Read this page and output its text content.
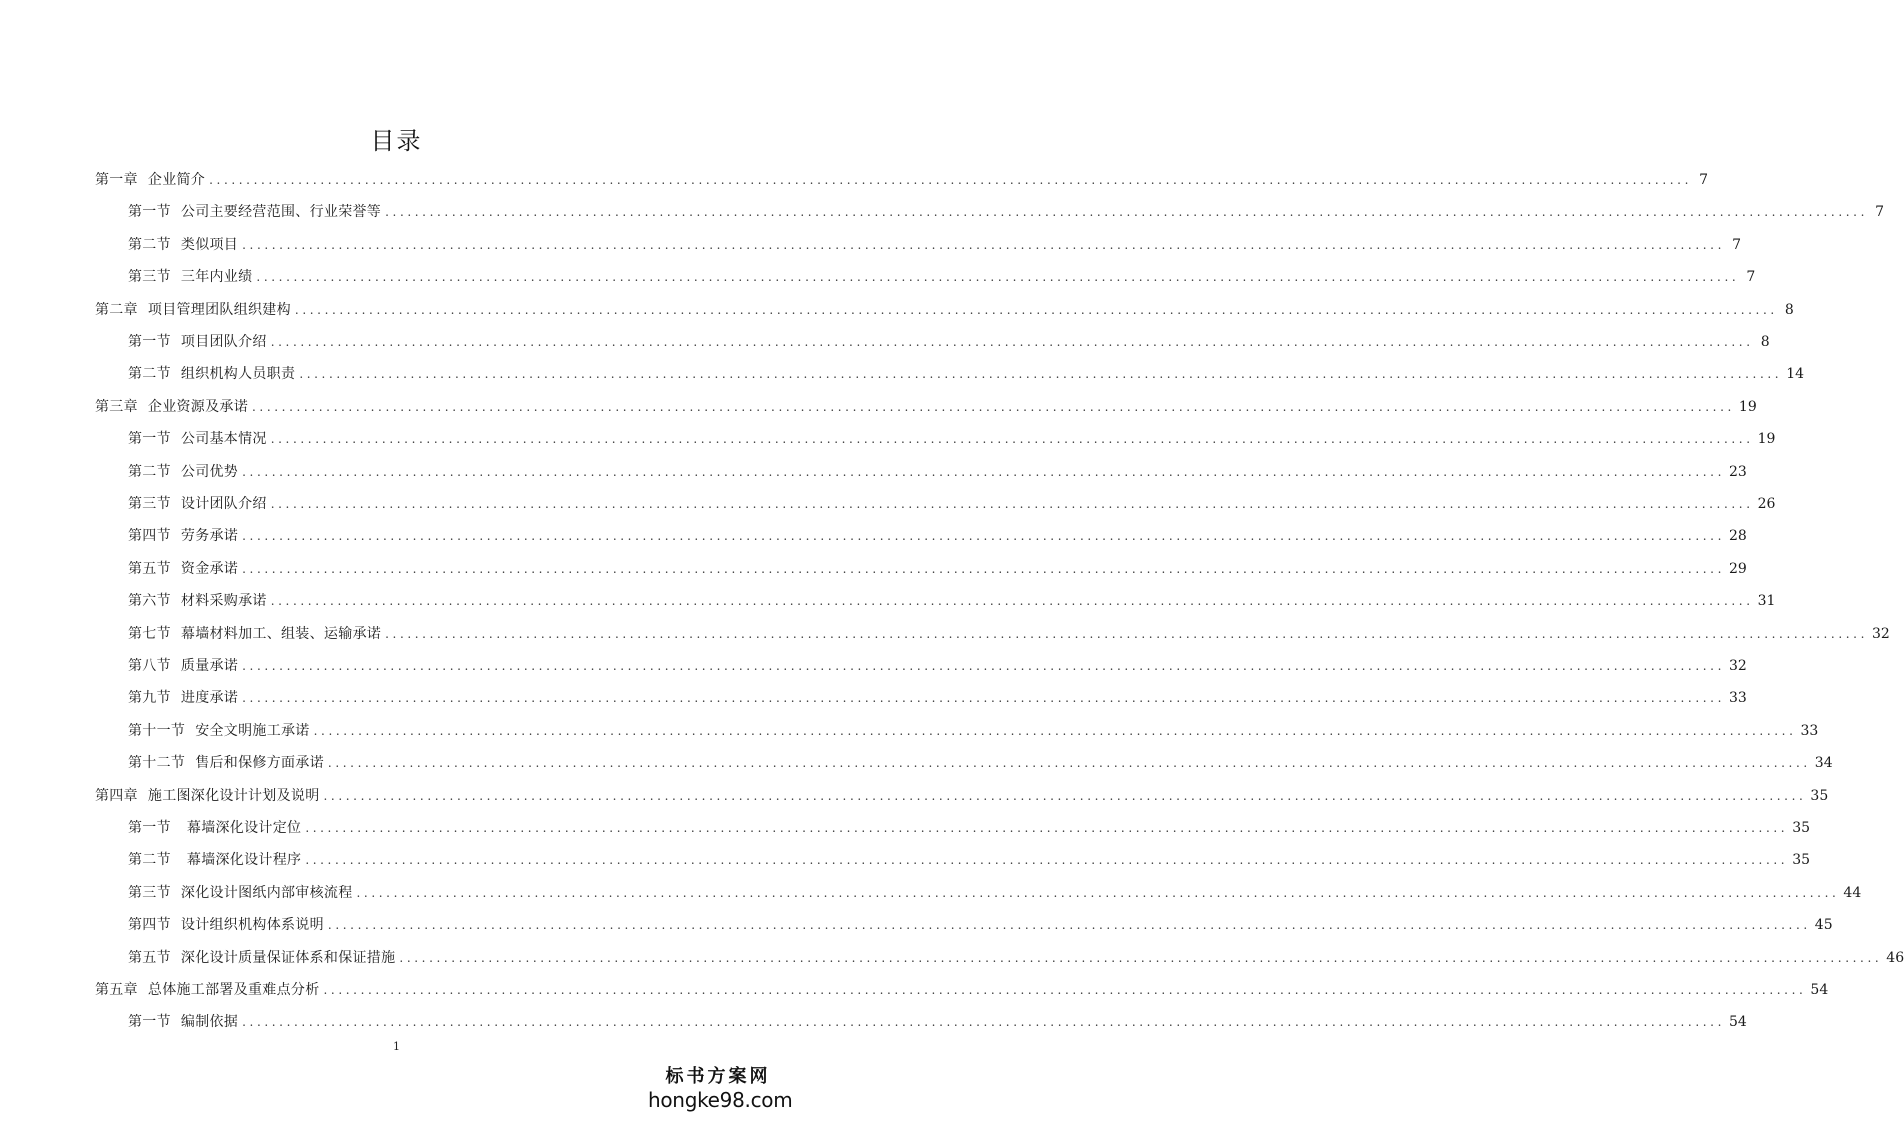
目录
第一章 企业简介 ........................................................................................................................................................................................................ 7
第一节 公司主要经营范围、行业荣誉等 ........................................................................................................................................................................................................ 7
第二节 类似项目 ........................................................................................................................................................................................................ 7
第三节 三年内业绩 ........................................................................................................................................................................................................ 7
第二章 项目管理团队组织建构 ........................................................................................................................................................................................................ 8
第一节 项目团队介绍 ........................................................................................................................................................................................................ 8
第二节 组织机构人员职责 ........................................................................................................................................................................................................ 14
第三章 企业资源及承诺 ........................................................................................................................................................................................................ 19
第一节 公司基本情况 ........................................................................................................................................................................................................ 19
第二节 公司优势 ........................................................................................................................................................................................................ 23
第三节 设计团队介绍 ........................................................................................................................................................................................................ 26
第四节 劳务承诺 ........................................................................................................................................................................................................ 28
第五节 资金承诺 ........................................................................................................................................................................................................ 29
第六节 材料采购承诺 ........................................................................................................................................................................................................ 31
第七节 幕墙材料加工、组装、运输承诺 ........................................................................................................................................................................................................ 32
第八节 质量承诺 ........................................................................................................................................................................................................ 32
第九节 进度承诺 ........................................................................................................................................................................................................ 33
第十一节 安全文明施工承诺 ........................................................................................................................................................................................................ 33
第十二节 售后和保修方面承诺 ........................................................................................................................................................................................................ 34
第四章 施工图深化设计计划及说明 ........................................................................................................................................................................................................ 35
第一节 幕墙深化设计定位 ........................................................................................................................................................................................................ 35
第二节 幕墙深化设计程序 ........................................................................................................................................................................................................ 35
第三节 深化设计图纸内部审核流程 ........................................................................................................................................................................................................ 44
第四节 设计组织机构体系说明 ........................................................................................................................................................................................................ 45
第五节 深化设计质量保证体系和保证措施 ........................................................................................................................................................................................................ 46
第五章 总体施工部署及重难点分析 ........................................................................................................................................................................................................ 54
第一节 编制依据 ........................................................................................................................................................................................................ 54
1
标书方案网
hongke98.com
